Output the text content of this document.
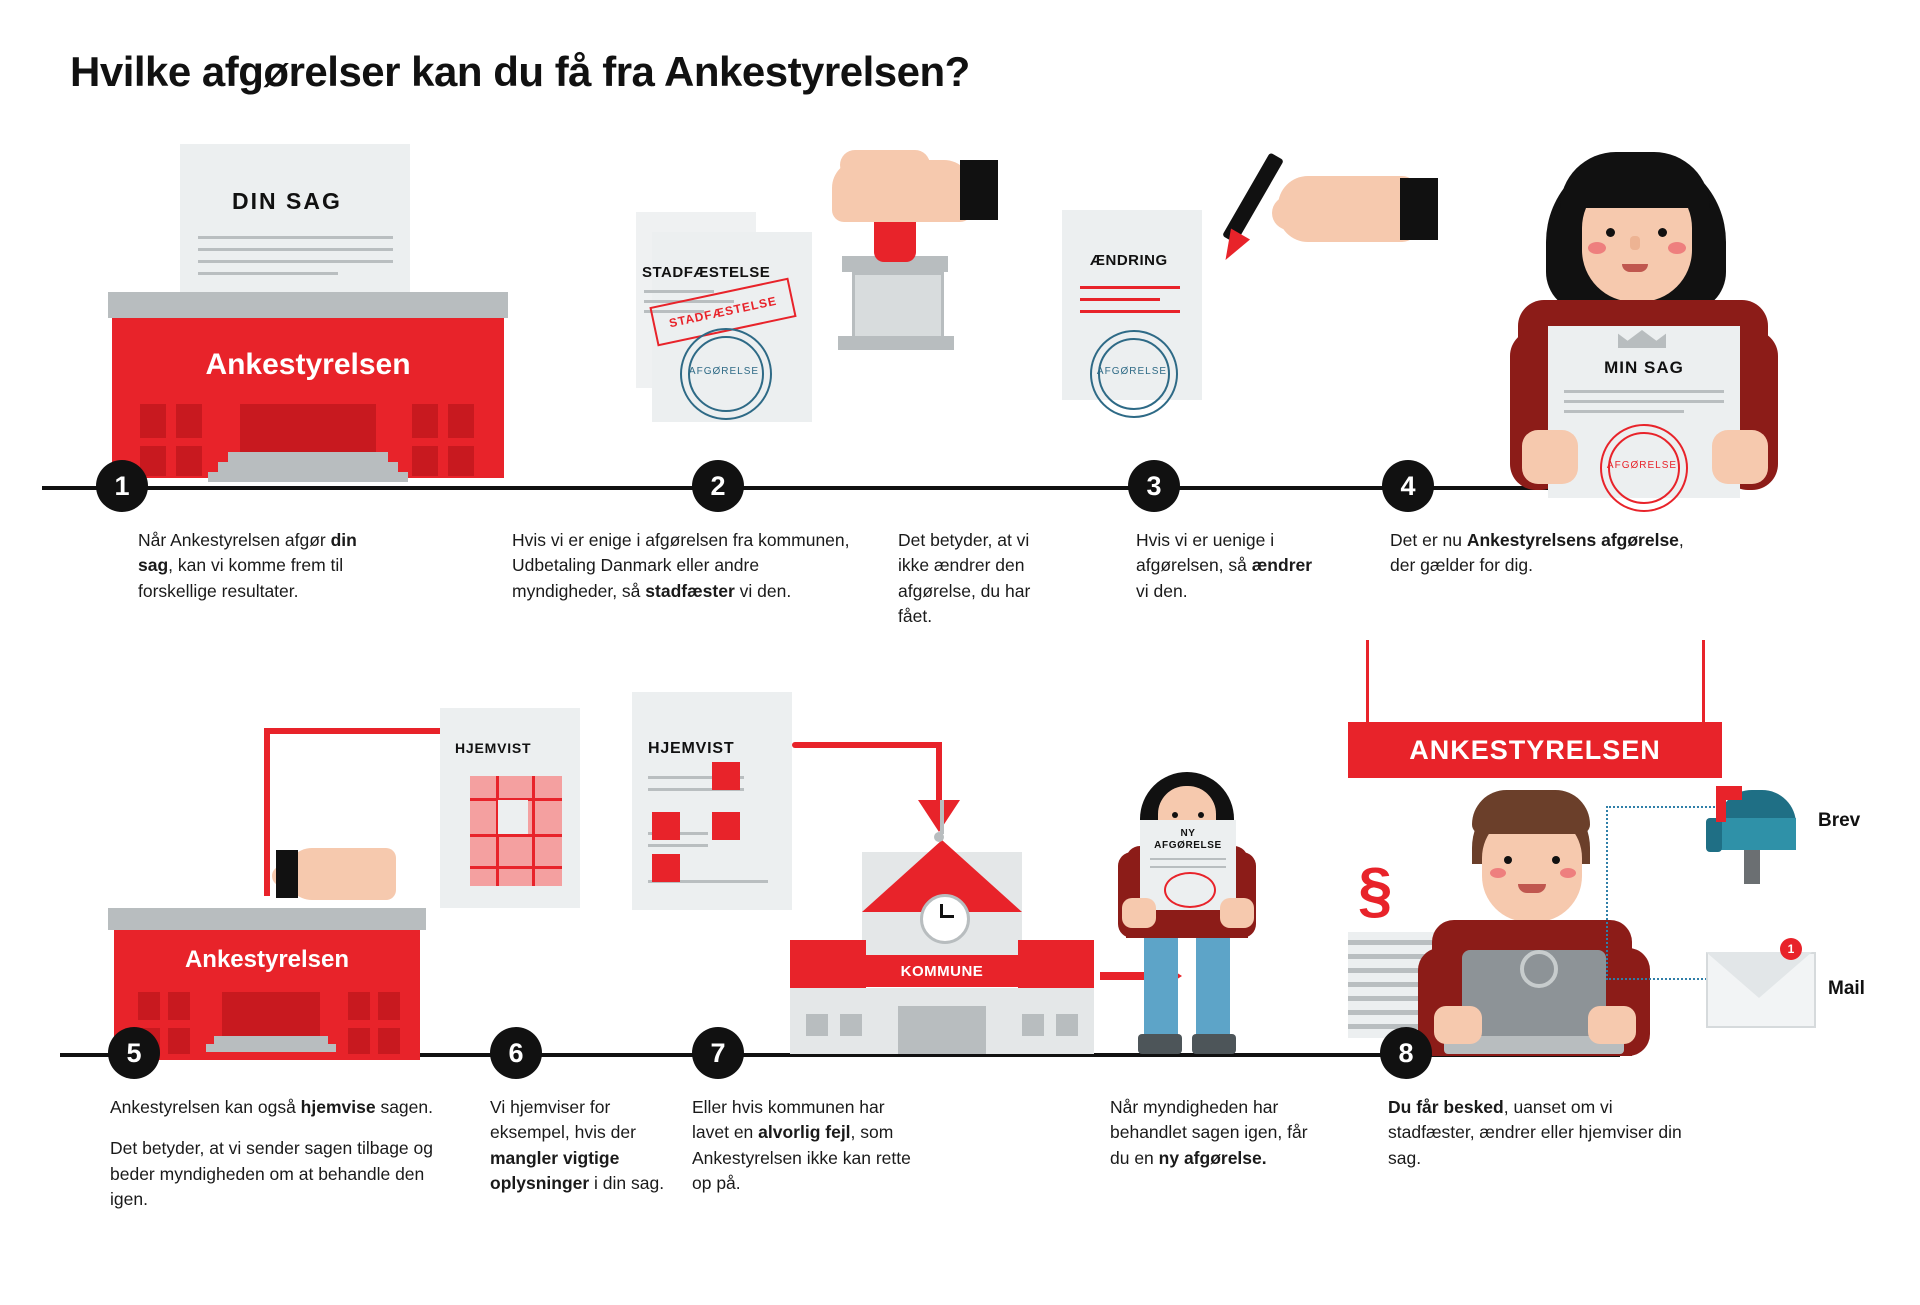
Hvilke afgørelser kan du få fra Ankestyrelsen?
DIN SAG
Ankestyrelsen
1

Når Ankestyrelsen afgør din sag, kan vi komme frem til forskellige resultater.

STADFÆSTELSE
STADFÆSTELSE
AFGØRELSE
2

Hvis vi er enige i afgørelsen fra kommunen, Udbetaling Danmark eller andre myndigheder, så stadfæster vi den.

Det betyder, at vi ikke ændrer den afgørelse, du har fået.

ÆNDRING
AFGØRELSE
3

Hvis vi er uenige i afgørelsen, så ændrer vi den.

MIN SAG
AFGØRELSE
4

Det er nu Ankestyrelsens afgørelse, der gælder for dig.

Ankestyrelsen
5

Ankestyrelsen kan også hjemvise sagen.

Det betyder, at vi sender sagen tilbage og beder myndigheden om at behandle den igen.

HJEMVIST
6

Vi hjemviser for eksempel, hvis der mangler vigtige oplysninger i din sag.

HJEMVIST
KOMMUNE
7

Eller hvis kommunen har lavet en alvorlig fejl, som Ankestyrelsen ikke kan rette op på.

NY
AFGØRELSE

Når myndigheden har behandlet sagen igen, får du en ny afgørelse.

ANKESTYRELSEN
§
Brev
1
Mail
8

Du får besked, uanset om vi stadfæster, ændrer eller hjemviser din sag.
